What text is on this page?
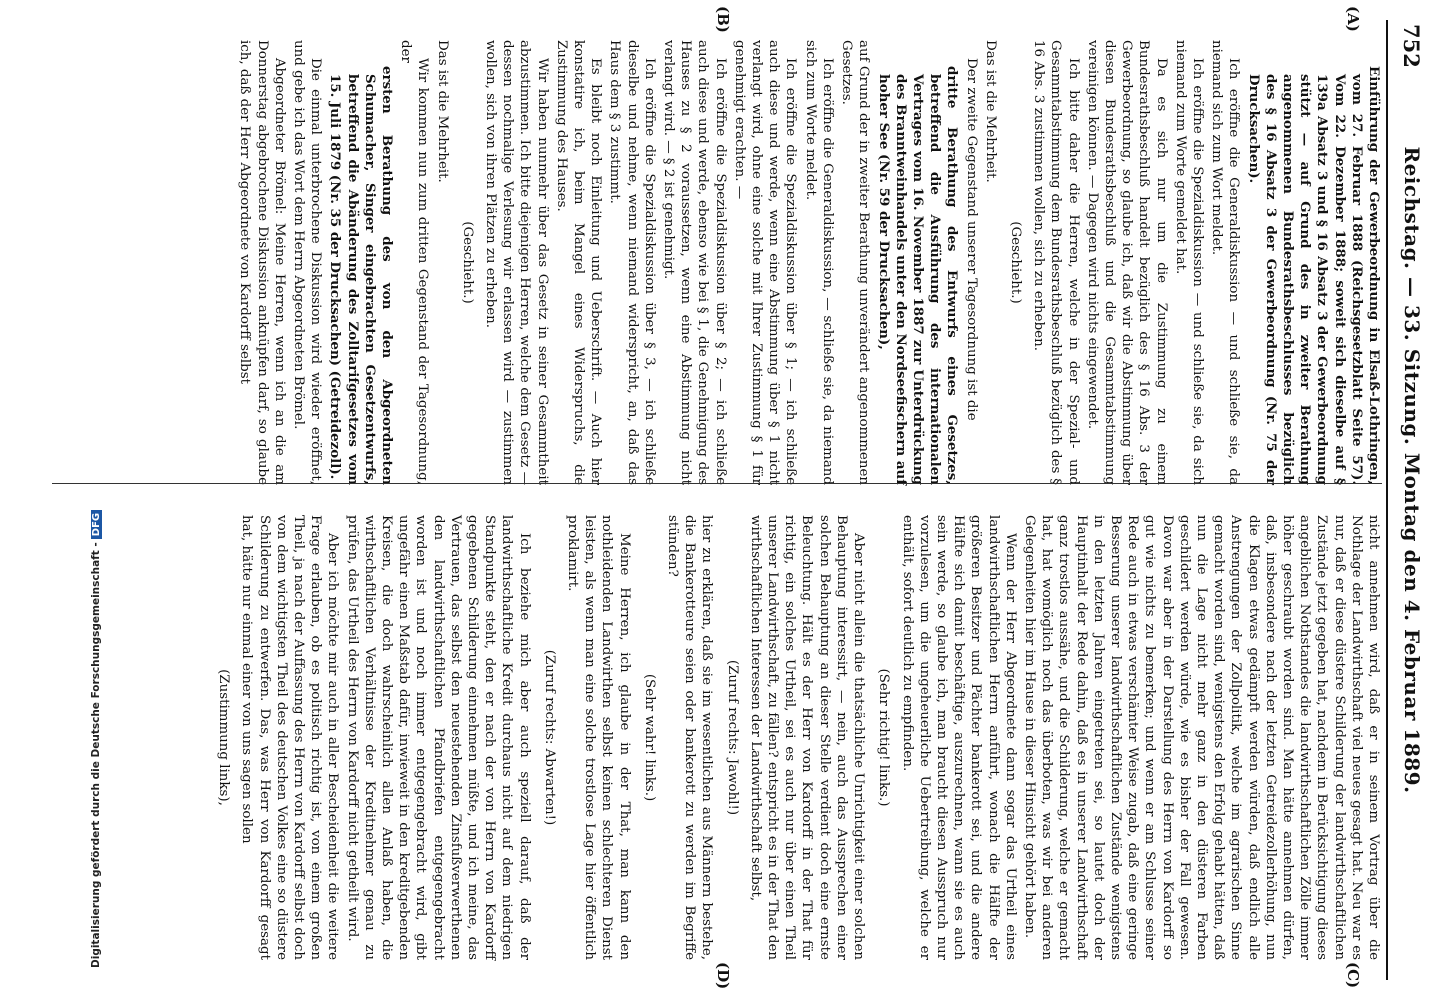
752
Reichstag. — 33. Sitzung. Montag den 4. Februar 1889.
(A)
(B)
(C)
(D)

Einführung der Gewerbeordnung in Elsaß-Lothringen, vom 27. Februar 1888 (Reichsgesetzblatt Seite 57). Vom 22. Dezember 1888; soweit sich dieselbe auf § 139a Absatz 3 und § 16 Absatz 3 der Gewerbeordnung stützt — auf Grund des in zweiter Berathung angenommenen Bundesrathsbeschlusses bezüglich des § 16 Absatz 3 der Gewerbeordnung (Nr. 75 der Drucksachen).

Ich eröffne die Generaldiskussion — und schließe sie, da niemand sich zum Wort meldet.

Ich eröffne die Spezialdiskussion — und schließe sie, da sich niemand zum Worte gemeldet hat.

Da es sich nur um die Zustimmung zu einem Bundesrathsbeschluß handelt bezüglich des § 16 Abs. 3 der Gewerbeordnung, so glaube ich, daß wir die Abstimmung über diesen Bundesrathsbeschluß und die Gesammtabstimmung vereinigen können. — Dagegen wird nichts eingewendet.

Ich bitte daher die Herren, welche in der Spezial- und Gesammtabstimmung dem Bundesrathsbeschluß bezüglich des § 16 Abs. 3 zustimmen wollen, sich zu erheben.

(Geschieht.)

Das ist die Mehrheit.

Der zweite Gegenstand unserer Tagesordnung ist die

dritte Berathung des Entwurfs eines Gesetzes, betreffend die Ausführung des internationalen Vertrages vom 16. November 1887 zur Unterdrückung des Branntweinhandels unter den Nordseefischern auf hoher See (Nr. 59 der Drucksachen),

auf Grund der in zweiter Berathung unverändert angenommenen Gesetzes.

Ich eröffne die Generaldiskussion, — schließe sie, da niemand sich zum Worte meldet.

Ich eröffne die Spezialdiskussion über § 1; — ich schließe auch diese und werde, wenn eine Abstimmung über § 1 nicht verlangt wird, ohne eine solche mit Ihrer Zustimmung § 1 für genehmigt erachten. —

Ich eröffne die Spezialdiskussion über § 2; — ich schließe auch diese und werde, ebenso wie bei § 1, die Genehmigung des Hauses zu § 2 voraussetzen, wenn eine Abstimmung nicht verlangt wird. — § 2 ist genehmigt.

Ich eröffne die Spezialdiskussion über § 3, — ich schließe dieselbe und nehme, wenn niemand widerspricht, an, daß das Haus dem § 3 zustimmt.

Es bleibt noch Einleitung und Ueberschrift. — Auch hier konstatire ich, beim Mangel eines Widerspruchs, die Zustimmung des Hauses.

Wir haben nunmehr über das Gesetz in seiner Gesammtheit abzustimmen. Ich bitte diejenigen Herren, welche dem Gesetz — dessen nochmalige Verlesung wir erlassen wird — zustimmen wollen, sich von ihren Plätzen zu erheben.

(Geschieht.)

Das ist die Mehrheit.

Wir kommen nun zum dritten Gegenstand der Tagesordnung, der

ersten Berathung des von den Abgeordneten Schumacher, Singer eingebrachten Gesetzentwurfs, betreffend die Abänderung des Zolltarifgesetzes vom 15. Juli 1879 (Nr. 35 der Drucksachen) (Getreidezoll).

Die einmal unterbrochene Diskussion wird wieder eröffnet, und gebe ich das Wort dem Herrn Abgeordneten Brömel.

Abgeordneter Brömel: Meine Herren, wenn ich an die am Donnerstag abgebrochene Diskussion anknüpfen darf, so glaube ich, daß der Herr Abgeordnete von Kardorff selbst

nicht annehmen wird, daß er in seinem Vortrag über die Nothlage der Landwirthschaft viel neues gesagt hat. Neu war es nur, daß er diese düstere Schilderung der landwirthschaftlichen Zustände jetzt gegeben hat, nachdem in Berücksichtigung dieses angeblichen Nothstandes die landwirthschaftlichen Zölle immer höher geschraubt worden sind. Man hätte annehmen dürfen, daß, insbesondere nach der letzten Getreidezollerhöhung, nun die Klagen etwas gedämpft werden würden, daß endlich alle Anstrengungen der Zollpolitik, welche im agrarischen Sinne gemacht worden sind, wenigstens den Erfolg gehabt hätten, daß nun die Lage nicht mehr ganz in den düsteren Farben geschildert werden würde, wie es bisher der Fall gewesen. Davon war aber in der Darstellung des Herrn von Kardorff so gut wie nichts zu bemerken; und wenn er am Schlusse seiner Rede auch in etwas verschämter Weise zugab, daß eine geringe Besserung unserer landwirthschaftlichen Zustände wenigstens in den letzten Jahren eingetreten sei, so lautet doch der Hauptinhalt der Rede dahin, daß es in unserer Landwirthschaft ganz trostlos aussähe, und die Schilderung, welche er gemacht hat, hat womöglich noch das überboten, was wir bei anderen Gelegenheiten hier im Hause in dieser Hinsicht gehört haben.

Wenn der Herr Abgeordnete dann sogar das Urtheil eines landwirthschaftlichen Herrn anführt, wonach die Hälfte der größeren Besitzer und Pächter bankerott sei, und die andere Hälfte sich damit beschäftige, auszurechnen, wann sie es auch sein werde, so glaube ich, man braucht diesen Ausspruch nur vorzulesen, um die ungeheuerliche Uebertreibung, welche er enthält, sofort deutlich zu empfinden.

(Sehr richtig! links.)

Aber nicht allein die thatsächliche Unrichtigkeit einer solchen Behauptung interessirt, — nein, auch das Aussprechen einer solchen Behauptung an dieser Stelle verdient doch eine ernste Beleuchtung. Hält es der Herr von Kardorff in der That für richtig, ein solches Urtheil, sei es auch nur über einen Theil unserer Landwirthschaft, zu fällen? entspricht es in der That den wirthschaftlichen Interessen der Landwirthschaft selbst,

(Zuruf rechts: Jawohl!)

hier zu erklären, daß sie im wesentlichen aus Männern bestehe, die Bankerotteure seien oder bankerott zu werden im Begriffe stünden?

(Sehr wahr! links.)

Meine Herren, ich glaube in der That, man kann den nothleidenden Landwirthen selbst keinen schlechteren Dienst leisten, als wenn man eine solche trostlose Lage hier öffentlich proklamirt.

(Zuruf rechts: Abwarten!)

Ich beziehe mich aber auch speziell darauf, daß der landwirthschaftliche Kredit durchaus nicht auf dem niedrigen Standpunkte steht, den er nach der von Herrn von Kardorff gegebenen Schilderung einnehmen müßte, und ich meine, das Vertrauen, das selbst den neuestehenden Zinsfußverwerthenen den landwirthschaftlichen Pfandbriefen entgegengebracht worden ist und noch immer entgegengebracht wird, gibt ungefähr einen Maßstab dafür, inwieweit in den kreditgebenden Kreisen, die doch wahrscheinlich allen Anlaß haben, die wirthschaftlichen Verhältnisse der Kreditnehmer genau zu prüfen, das Urtheil des Herrn von Kardorff nicht getheilt wird.

Aber ich möchte mir auch in aller Bescheidenheit die weitere Frage erlauben, ob es politisch richtig ist, von einem großen Theil, ja nach der Auffassung des Herrn von Kardorff selbst doch von dem wichtigsten Theil des deutschen Volkes eine so düstere Schilderung zu entwerfen. Das, was Herr von Kardorff gesagt hat, hätte nur einmal einer von uns sagen sollen

(Zustimmung links),

Digitalisierung gefördert durch die Deutsche Forschungsgemeinschaft -DFG
